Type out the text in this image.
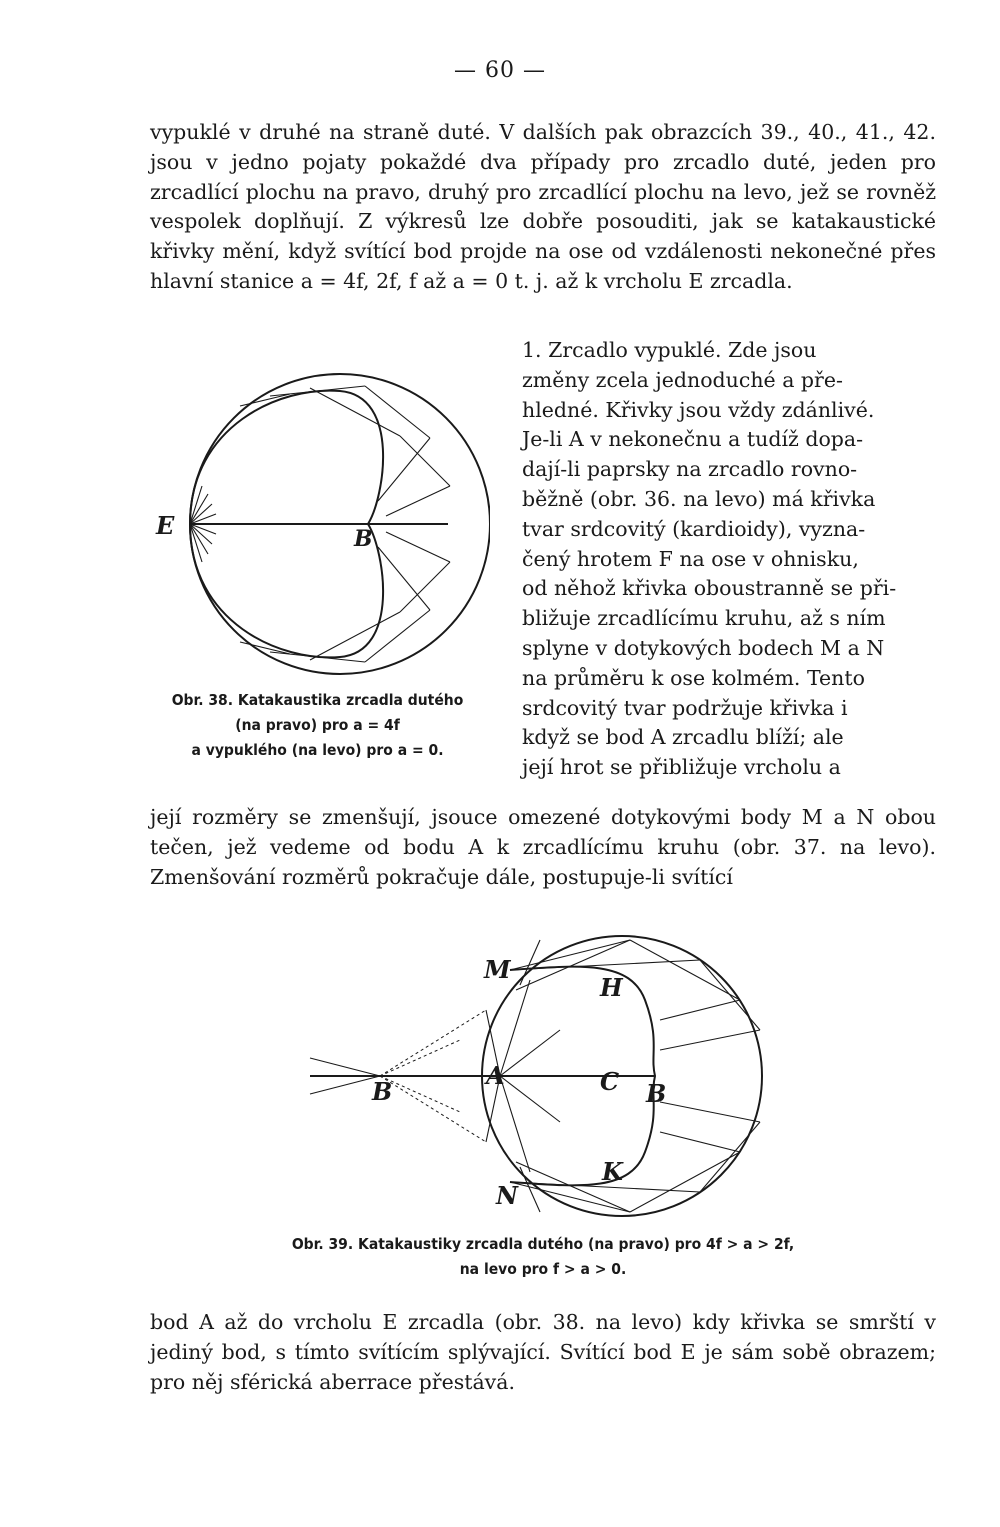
— 60 —

vypuklé v druhé na straně duté. V dalších pak obrazcích 39., 40., 41., 42. jsou v jedno pojaty pokaždé dva případy pro zrcadlo duté, jeden pro zrcadlící plochu na pravo, druhý pro zrcadlící plochu na levo, jež se rovněž vespolek doplňují. Z výkresů lze dobře posouditi, jak se katakaustické křivky mění, když svítící bod projde na ose od vzdálenosti nekonečné přes hlavní stanice a = 4f, 2f, f až a = 0 t. j. až k vrcholu E zrcadla.

E	B
1. Zrcadlo vypuklé. Zde jsou
změny zcela jednoduché a pře-
hledné. Křivky jsou vždy zdánlivé.
Je-li A v nekonečnu a tudíž dopa-
dají-li paprsky na zrcadlo rovno-
běžně (obr. 36. na levo) má křivka
tvar srdcovitý (kardioidy), vyzna-
čený hrotem F na ose v ohnisku,
od něhož křivka oboustranně se při-
bližuje zrcadlícímu kruhu, až s ním
splyne v dotykových bodech M a N
na průměru k ose kolmém. Tento
srdcovitý tvar podržuje křivka i
když se bod A zrcadlu blíží; ale
její hrot se přibližuje vrcholu a
Obr. 38. Katakaustika zrcadla dutého
(na pravo) pro a = 4f
a vypuklého (na levo) pro a = 0.

její rozměry se zmenšují, jsouce omezené dotykovými body M a N obou tečen, jež vedeme od bodu A k zrcadlícímu kruhu (obr. 37. na levo). Zmenšování rozměrů pokračuje dále, postupuje-li svítící

M
H
A	C
B	B
K
N
Obr. 39. Katakaustiky zrcadla dutého (na pravo) pro 4f > a > 2f,
na levo pro f > a > 0.

bod A až do vrcholu E zrcadla (obr. 38. na levo) kdy křivka se smrští v jediný bod, s tímto svítícím splývající. Svítící bod E je sám sobě obrazem; pro něj sférická aberrace přestává.
